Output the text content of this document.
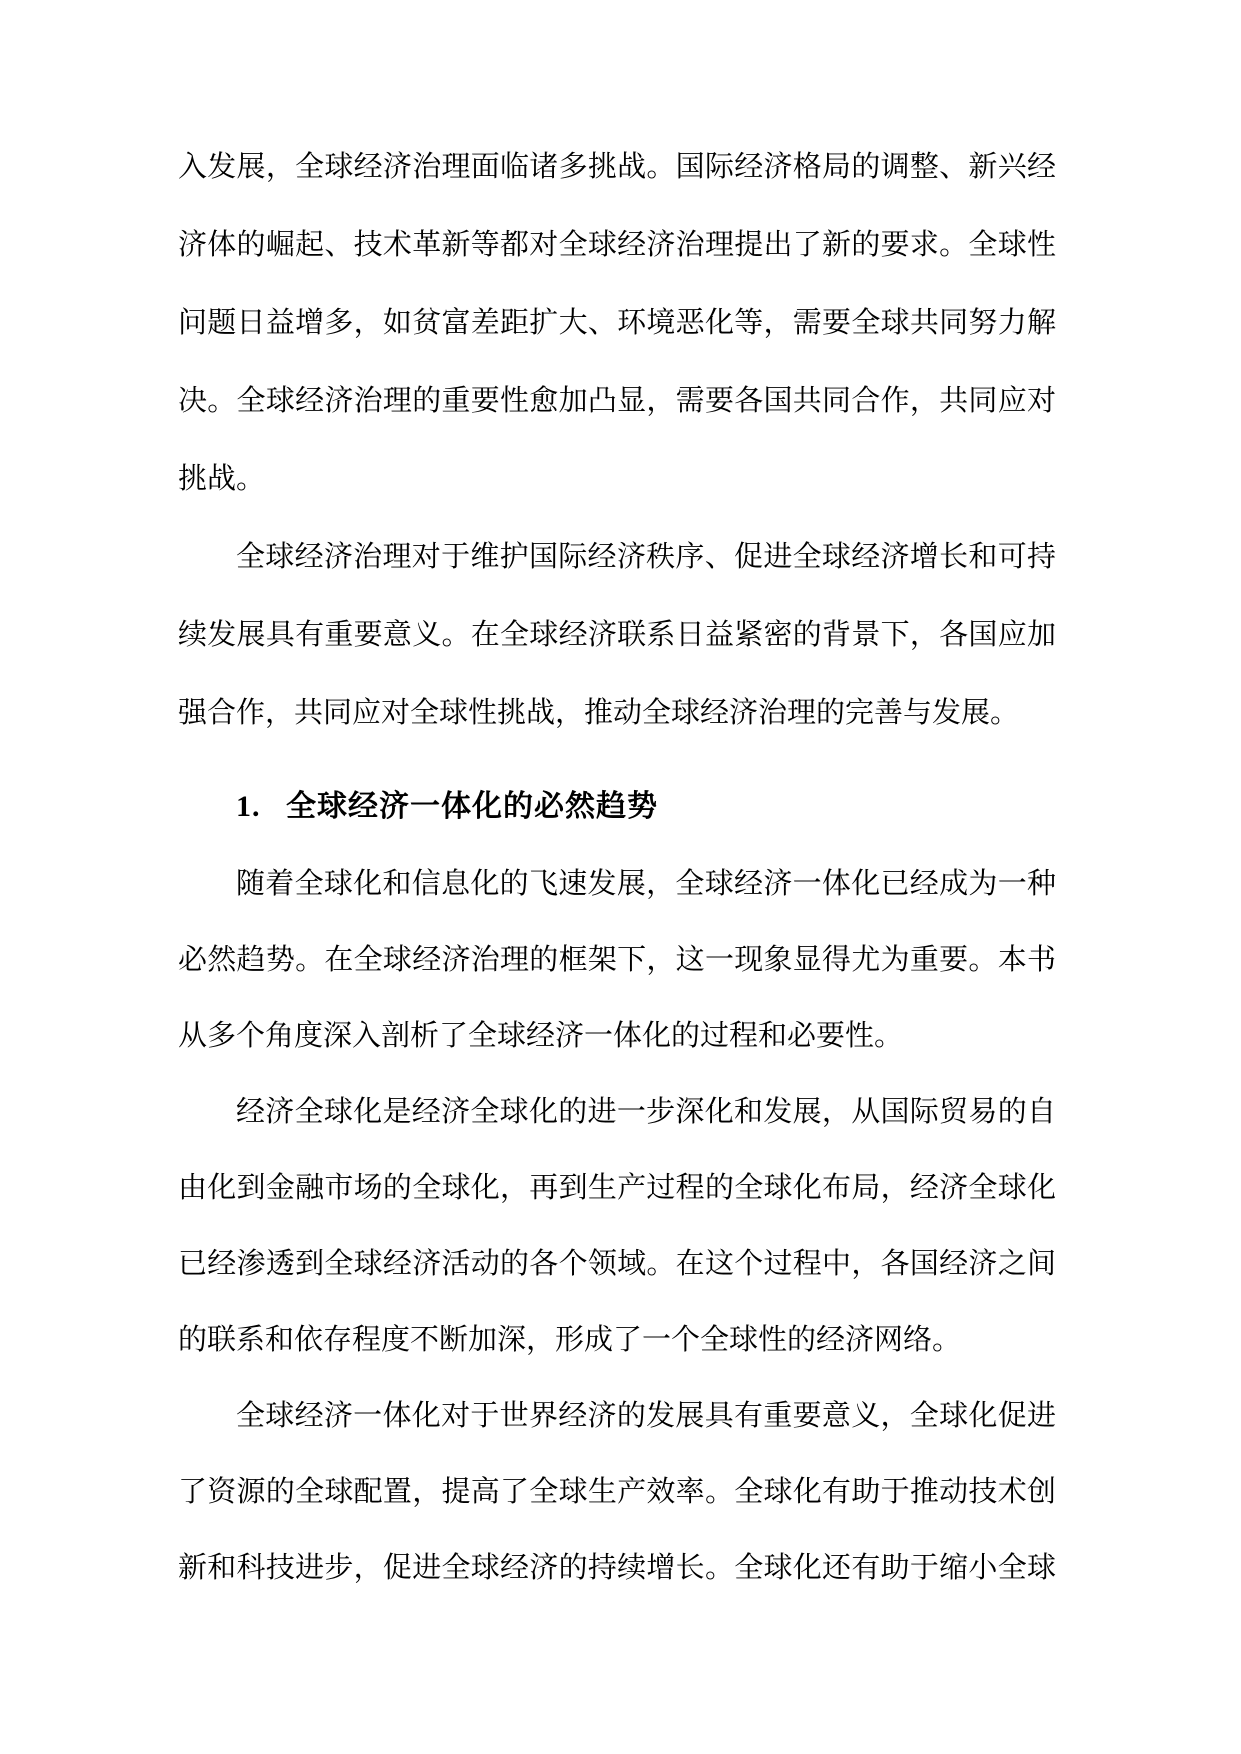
入发展，全球经济治理面临诸多挑战。国际经济格局的调整、新兴经
济体的崛起、技术革新等都对全球经济治理提出了新的要求。全球性
问题日益增多，如贫富差距扩大、环境恶化等，需要全球共同努力解
决。全球经济治理的重要性愈加凸显，需要各国共同合作，共同应对
挑战。
全球经济治理对于维护国际经济秩序、促进全球经济增长和可持
续发展具有重要意义。在全球经济联系日益紧密的背景下，各国应加
强合作，共同应对全球性挑战，推动全球经济治理的完善与发展。
1. 全球经济一体化的必然趋势
随着全球化和信息化的飞速发展，全球经济一体化已经成为一种
必然趋势。在全球经济治理的框架下，这一现象显得尤为重要。本书
从多个角度深入剖析了全球经济一体化的过程和必要性。
经济全球化是经济全球化的进一步深化和发展，从国际贸易的自
由化到金融市场的全球化，再到生产过程的全球化布局，经济全球化
已经渗透到全球经济活动的各个领域。在这个过程中，各国经济之间
的联系和依存程度不断加深，形成了一个全球性的经济网络。
全球经济一体化对于世界经济的发展具有重要意义，全球化促进
了资源的全球配置，提高了全球生产效率。全球化有助于推动技术创
新和科技进步，促进全球经济的持续增长。全球化还有助于缩小全球
